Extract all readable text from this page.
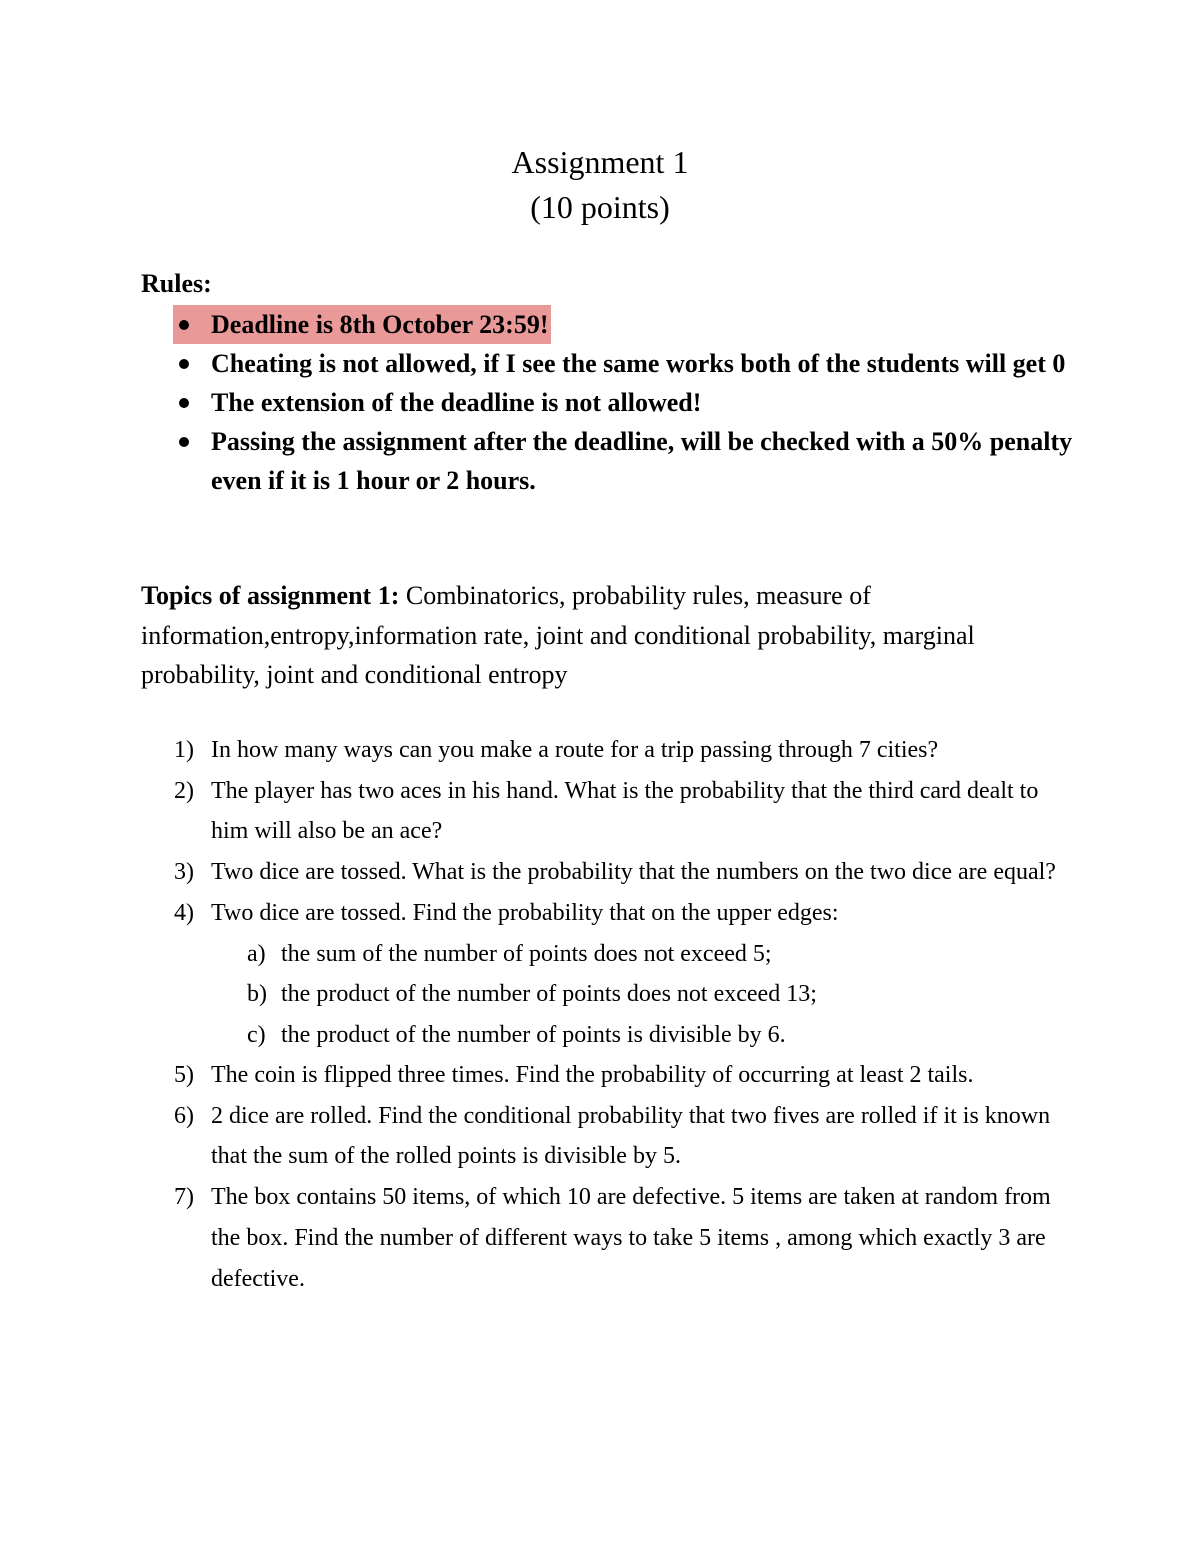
Assignment 1
(10 points)
Rules:
Deadline is 8th October 23:59!
Cheating is not allowed, if I see the same works both of the students will get 0
The extension of the deadline is not allowed!
Passing the assignment after the deadline, will be checked with a 50% penalty even if it is 1 hour or 2 hours.
Topics of assignment 1: Combinatorics, probability rules, measure of information,entropy,information rate, joint and conditional probability, marginal probability, joint and conditional entropy
1) In how many ways can you make a route for a trip passing through 7 cities?
2) The player has two aces in his hand. What is the probability that the third card dealt to him will also be an ace?
3) Two dice are tossed. What is the probability that the numbers on the two dice are equal?
4) Two dice are tossed. Find the probability that on the upper edges:
a) the sum of the number of points does not exceed 5;
b) the product of the number of points does not exceed 13;
c) the product of the number of points is divisible by 6.
5) The coin is flipped three times. Find the probability of occurring at least 2 tails.
6) 2 dice are rolled. Find the conditional probability that two fives are rolled if it is known that the sum of the rolled points is divisible by 5.
7) The box contains 50 items, of which 10 are defective. 5 items are taken at random from the box. Find the number of different ways to take 5 items , among which exactly 3 are defective.
